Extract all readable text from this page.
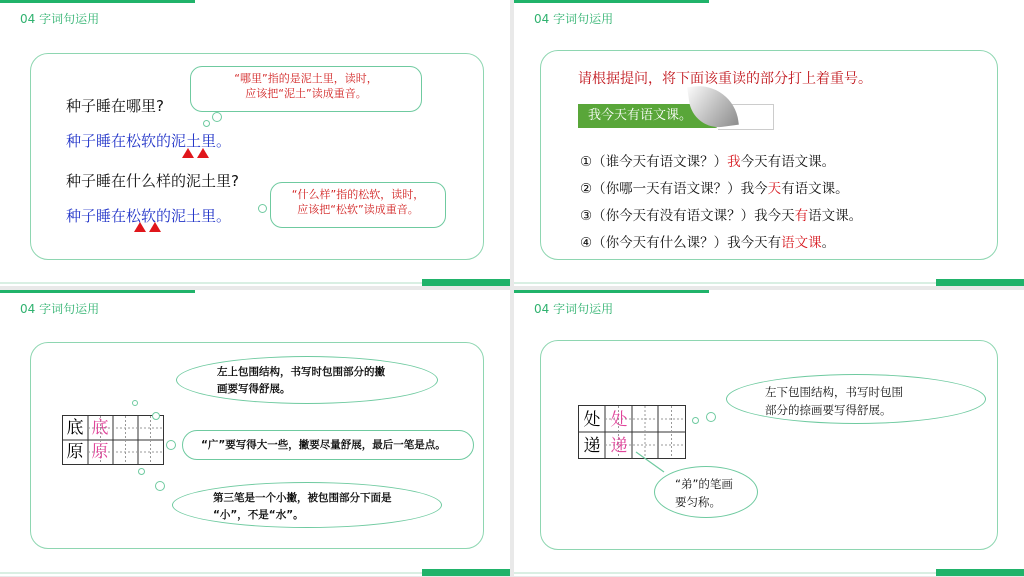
04 字词句运用
种子睡在哪里?
种子睡在松软的泥土里。
种子睡在什么样的泥土里?
种子睡在松软的泥土里。
“哪里”指的是泥土里，读时，
应该把“泥土”读成重音。
“什么样”指的松软，读时，
应该把“松软”读成重音。
04 字词句运用
请根据提问，将下面该重读的部分打上着重号。
我今天有语文课。
①（谁今天有语文课？）我今天有语文课。
②（你哪一天有语文课？）我今天有语文课。
③（你今天有没有语文课？）我今天有语文课。
④（你今天有什么课？）我今天有语文课。
04 字词句运用
底 底
原 原
左上包围结构，书写时包围部分的撇
画要写得舒展。
“广”要写得大一些，撇要尽量舒展，最后一笔是点。
第三笔是一个小撇，被包围部分下面是
“小”，不是“水”。
04 字词句运用
处 处
递 递
左下包围结构，书写时包围
部分的捺画要写得舒展。
“弟”的笔画
要匀称。
